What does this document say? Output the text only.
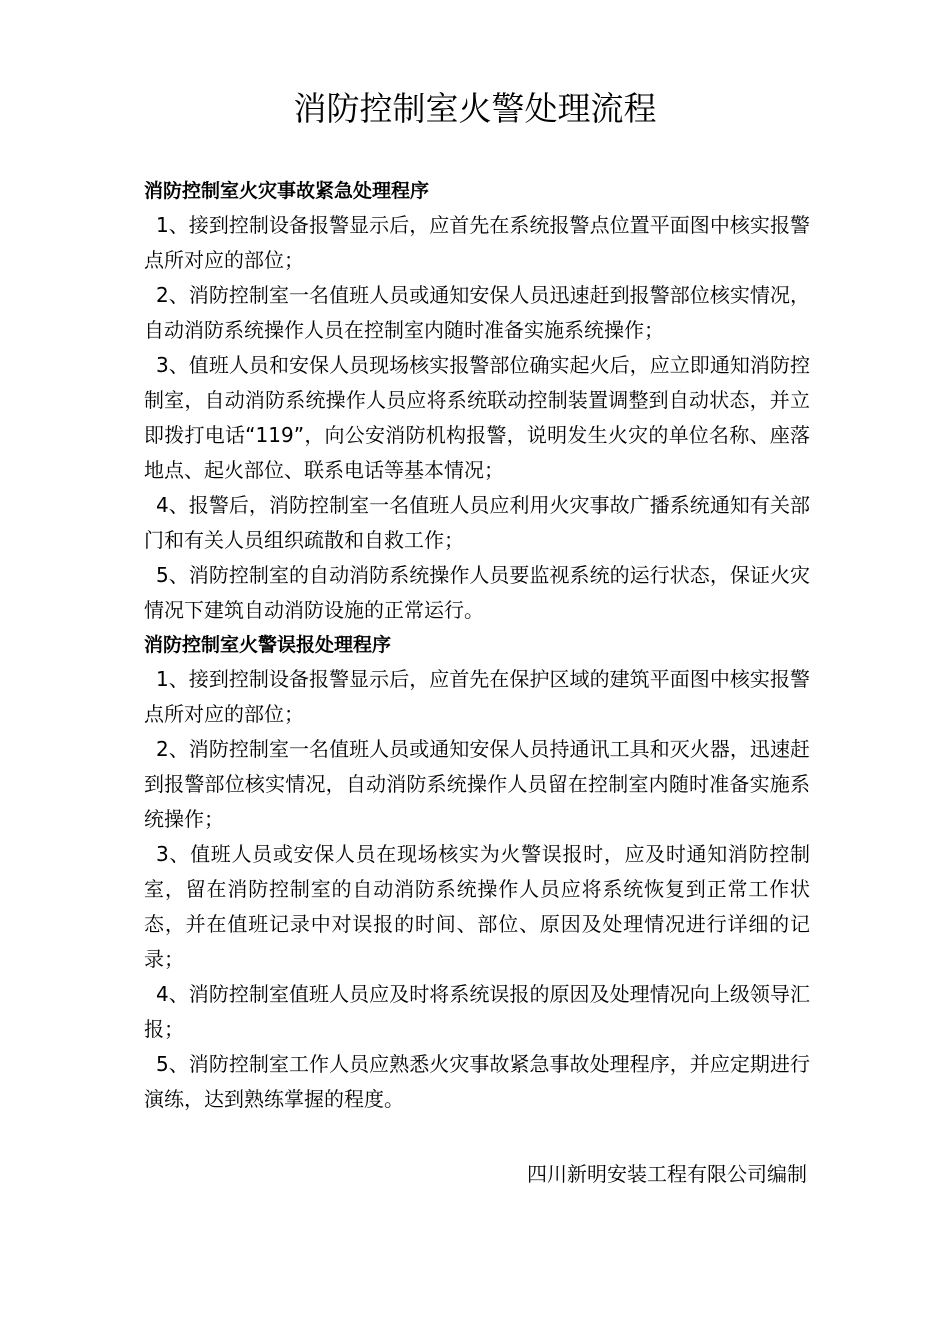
消防控制室火警处理流程

消防控制室火灾事故紧急处理程序

1、接到控制设备报警显示后，应首先在系统报警点位置平面图中核实报警点所对应的部位；

2、消防控制室一名值班人员或通知安保人员迅速赶到报警部位核实情况，自动消防系统操作人员在控制室内随时准备实施系统操作；

3、值班人员和安保人员现场核实报警部位确实起火后，应立即通知消防控制室，自动消防系统操作人员应将系统联动控制装置调整到自动状态，并立即拨打电话“119”，向公安消防机构报警，说明发生火灾的单位名称、座落地点、起火部位、联系电话等基本情况；

4、报警后，消防控制室一名值班人员应利用火灾事故广播系统通知有关部门和有关人员组织疏散和自救工作；

5、消防控制室的自动消防系统操作人员要监视系统的运行状态，保证火灾情况下建筑自动消防设施的正常运行。

消防控制室火警误报处理程序

1、接到控制设备报警显示后，应首先在保护区域的建筑平面图中核实报警点所对应的部位；

2、消防控制室一名值班人员或通知安保人员持通讯工具和灭火器，迅速赶到报警部位核实情况，自动消防系统操作人员留在控制室内随时准备实施系统操作；

3、值班人员或安保人员在现场核实为火警误报时，应及时通知消防控制室，留在消防控制室的自动消防系统操作人员应将系统恢复到正常工作状态，并在值班记录中对误报的时间、部位、原因及处理情况进行详细的记录；

4、消防控制室值班人员应及时将系统误报的原因及处理情况向上级领导汇报；

5、消防控制室工作人员应熟悉火灾事故紧急事故处理程序，并应定期进行演练，达到熟练掌握的程度。

四川新明安装工程有限公司编制
